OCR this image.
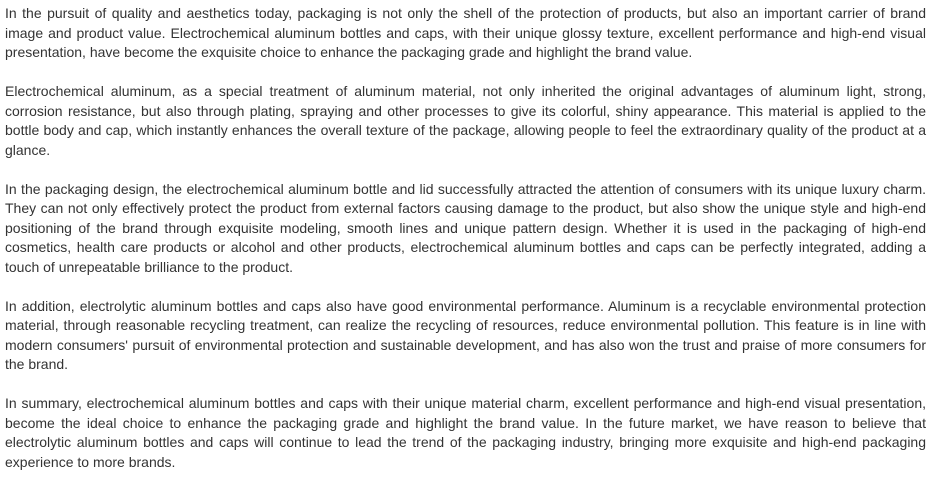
In the pursuit of quality and aesthetics today, packaging is not only the shell of the protection of products, but also an important carrier of brand image and product value. Electrochemical aluminum bottles and caps, with their unique glossy texture, excellent performance and high-end visual presentation, have become the exquisite choice to enhance the packaging grade and highlight the brand value.

Electrochemical aluminum, as a special treatment of aluminum material, not only inherited the original advantages of aluminum light, strong, corrosion resistance, but also through plating, spraying and other processes to give its colorful, shiny appearance. This material is applied to the bottle body and cap, which instantly enhances the overall texture of the package, allowing people to feel the extraordinary quality of the product at a glance.

In the packaging design, the electrochemical aluminum bottle and lid successfully attracted the attention of consumers with its unique luxury charm. They can not only effectively protect the product from external factors causing damage to the product, but also show the unique style and high-end positioning of the brand through exquisite modeling, smooth lines and unique pattern design. Whether it is used in the packaging of high-end cosmetics, health care products or alcohol and other products, electrochemical aluminum bottles and caps can be perfectly integrated, adding a touch of unrepeatable brilliance to the product.

In addition, electrolytic aluminum bottles and caps also have good environmental performance. Aluminum is a recyclable environmental protection material, through reasonable recycling treatment, can realize the recycling of resources, reduce environmental pollution. This feature is in line with modern consumers' pursuit of environmental protection and sustainable development, and has also won the trust and praise of more consumers for the brand.

In summary, electrochemical aluminum bottles and caps with their unique material charm, excellent performance and high-end visual presentation, become the ideal choice to enhance the packaging grade and highlight the brand value. In the future market, we have reason to believe that electrolytic aluminum bottles and caps will continue to lead the trend of the packaging industry, bringing more exquisite and high-end packaging experience to more brands.
